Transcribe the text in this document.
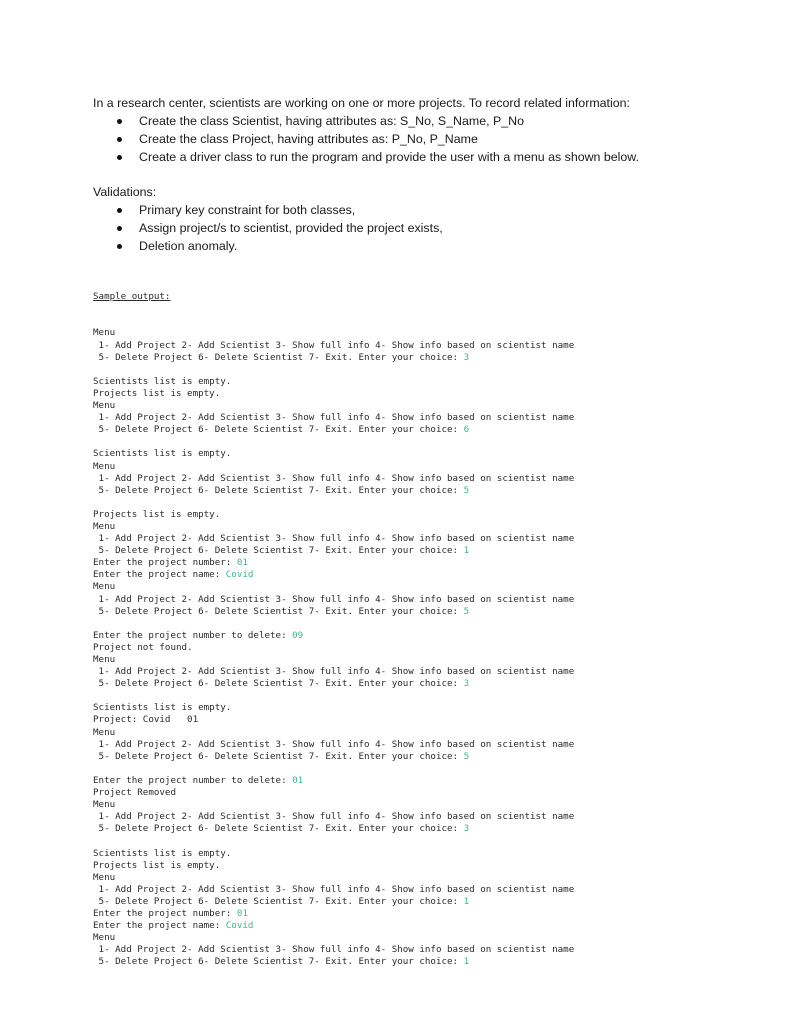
In a research center, scientists are working on one or more projects. To record related information:

Create the class Scientist, having attributes as: S_No, S_Name, P_No
Create the class Project, having attributes as: P_No, P_Name
Create a driver class to run the program and provide the user with a menu as shown below.

Validations:

Primary key constraint for both classes,
Assign project/s to scientist, provided the project exists,
Deletion anomaly.

Sample output:

Menu
1- Add Project 2- Add Scientist 3- Show full info 4- Show info based on scientist name
5- Delete Project 6- Delete Scientist 7- Exit. Enter your choice: 3
Scientists list is empty.
Projects list is empty.
Menu
1- Add Project 2- Add Scientist 3- Show full info 4- Show info based on scientist name
5- Delete Project 6- Delete Scientist 7- Exit. Enter your choice: 6
Scientists list is empty.
Menu
1- Add Project 2- Add Scientist 3- Show full info 4- Show info based on scientist name
5- Delete Project 6- Delete Scientist 7- Exit. Enter your choice: 5
Projects list is empty.
Menu
1- Add Project 2- Add Scientist 3- Show full info 4- Show info based on scientist name
5- Delete Project 6- Delete Scientist 7- Exit. Enter your choice: 1
Enter the project number: 01
Enter the project name: Covid
Menu
1- Add Project 2- Add Scientist 3- Show full info 4- Show info based on scientist name
5- Delete Project 6- Delete Scientist 7- Exit. Enter your choice: 5
Enter the project number to delete: 09
Project not found.
Menu
1- Add Project 2- Add Scientist 3- Show full info 4- Show info based on scientist name
5- Delete Project 6- Delete Scientist 7- Exit. Enter your choice: 3
Scientists list is empty.
Project: Covid   01
Menu
1- Add Project 2- Add Scientist 3- Show full info 4- Show info based on scientist name
5- Delete Project 6- Delete Scientist 7- Exit. Enter your choice: 5
Enter the project number to delete: 01
Project Removed
Menu
1- Add Project 2- Add Scientist 3- Show full info 4- Show info based on scientist name
5- Delete Project 6- Delete Scientist 7- Exit. Enter your choice: 3
Scientists list is empty.
Projects list is empty.
Menu
1- Add Project 2- Add Scientist 3- Show full info 4- Show info based on scientist name
5- Delete Project 6- Delete Scientist 7- Exit. Enter your choice: 1
Enter the project number: 01
Enter the project name: Covid
Menu
1- Add Project 2- Add Scientist 3- Show full info 4- Show info based on scientist name
5- Delete Project 6- Delete Scientist 7- Exit. Enter your choice: 1
